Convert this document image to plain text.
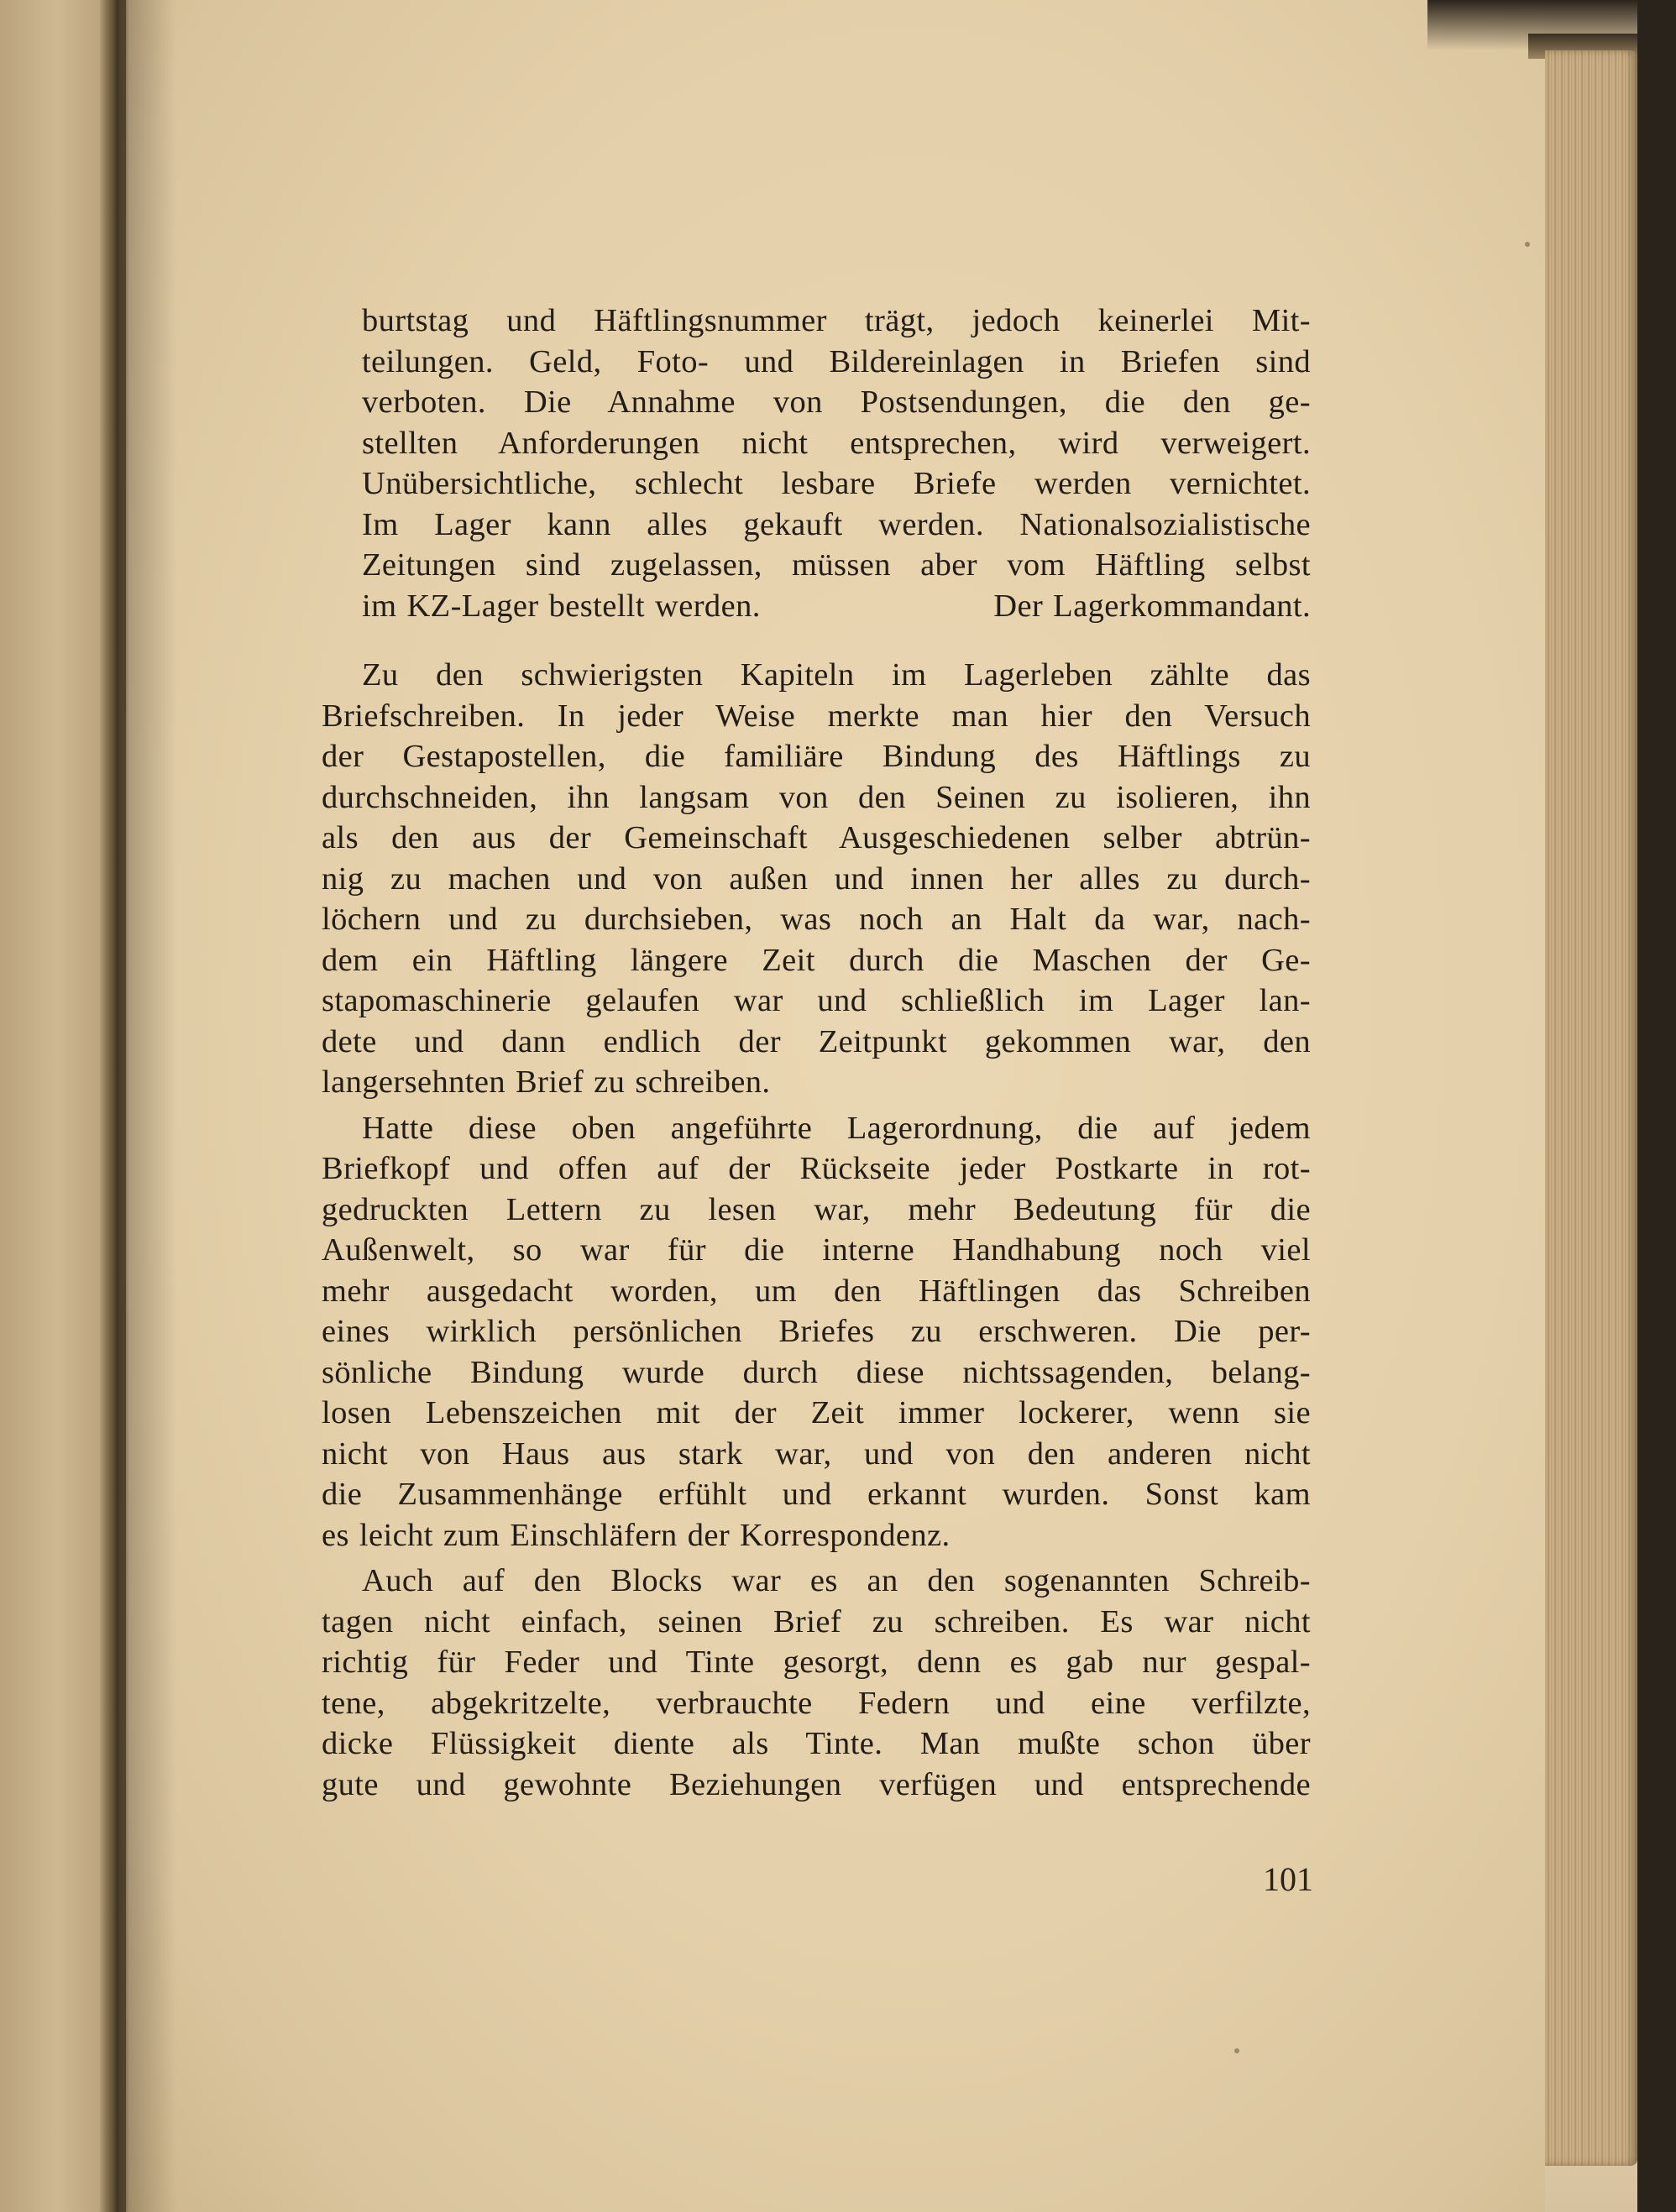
burtstag und Häftlingsnummer trägt, jedoch keinerlei Mit-
teilungen. Geld, Foto- und Bildereinlagen in Briefen sind
verboten. Die Annahme von Postsendungen, die den ge-
stellten Anforderungen nicht entsprechen, wird verweigert.
Unübersichtliche, schlecht lesbare Briefe werden vernichtet.
Im Lager kann alles gekauft werden. Nationalsozialistische
Zeitungen sind zugelassen, müssen aber vom Häftling selbst
im KZ-Lager bestellt werden.	Der Lagerkommandant.
Zu den schwierigsten Kapiteln im Lagerleben zählte das
Briefschreiben. In jeder Weise merkte man hier den Versuch
der Gestapostellen, die familiäre Bindung des Häftlings zu
durchschneiden, ihn langsam von den Seinen zu isolieren, ihn
als den aus der Gemeinschaft Ausgeschiedenen selber abtrün-
nig zu machen und von außen und innen her alles zu durch-
löchern und zu durchsieben, was noch an Halt da war, nach-
dem ein Häftling längere Zeit durch die Maschen der Ge-
stapomaschinerie gelaufen war und schließlich im Lager lan-
dete und dann endlich der Zeitpunkt gekommen war, den
langersehnten Brief zu schreiben.
Hatte diese oben angeführte Lagerordnung, die auf jedem
Briefkopf und offen auf der Rückseite jeder Postkarte in rot-
gedruckten Lettern zu lesen war, mehr Bedeutung für die
Außenwelt, so war für die interne Handhabung noch viel
mehr ausgedacht worden, um den Häftlingen das Schreiben
eines wirklich persönlichen Briefes zu erschweren. Die per-
sönliche Bindung wurde durch diese nichtssagenden, belang-
losen Lebenszeichen mit der Zeit immer lockerer, wenn sie
nicht von Haus aus stark war, und von den anderen nicht
die Zusammenhänge erfühlt und erkannt wurden. Sonst kam
es leicht zum Einschläfern der Korrespondenz.
Auch auf den Blocks war es an den sogenannten Schreib-
tagen nicht einfach, seinen Brief zu schreiben. Es war nicht
richtig für Feder und Tinte gesorgt, denn es gab nur gespal-
tene, abgekritzelte, verbrauchte Federn und eine verfilzte,
dicke Flüssigkeit diente als Tinte. Man mußte schon über
gute und gewohnte Beziehungen verfügen und entsprechende
101
